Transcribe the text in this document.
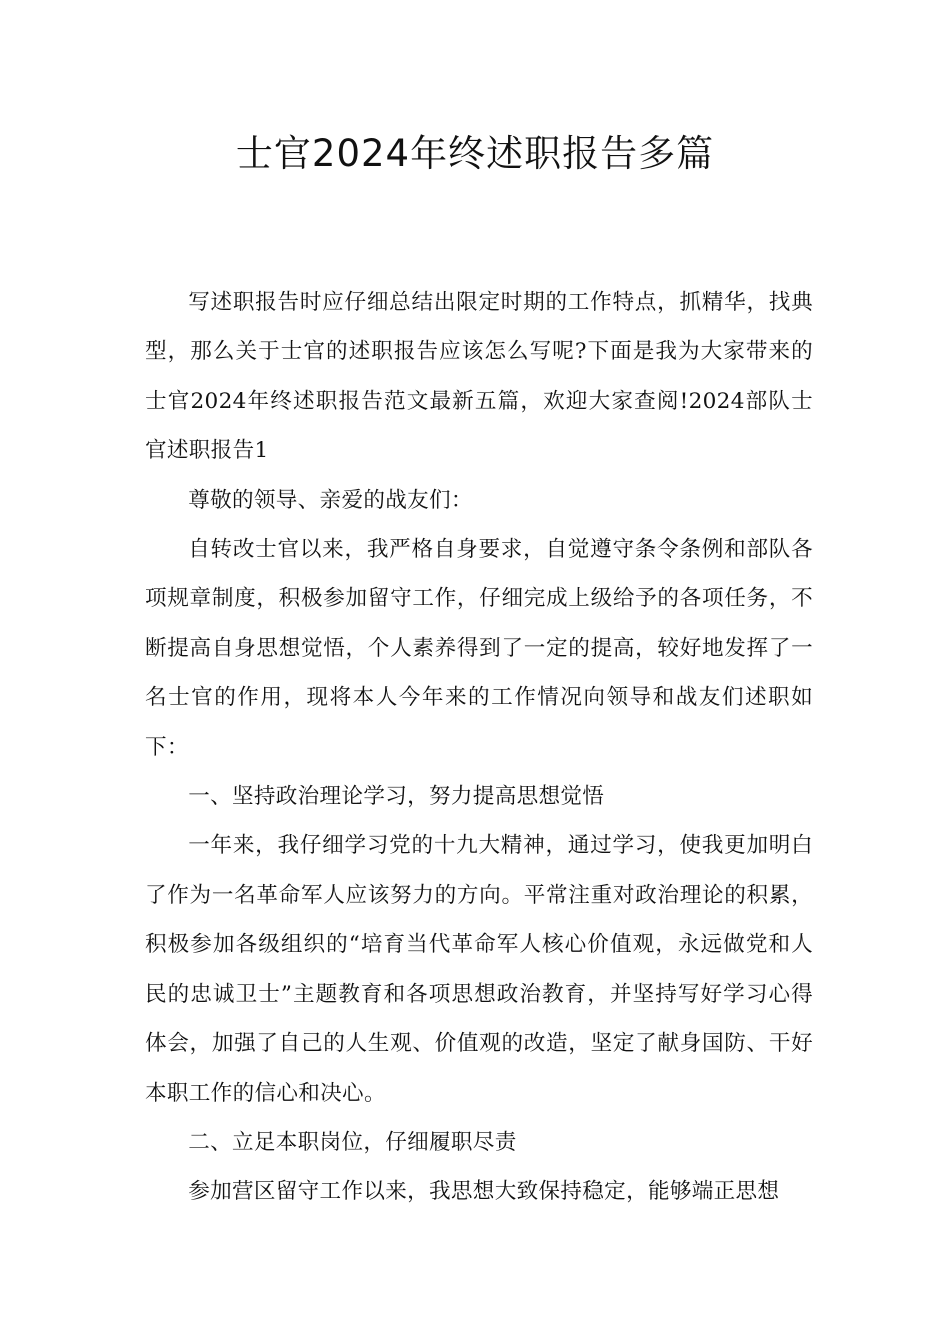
士官2024年终述职报告多篇

写述职报告时应仔细总结出限定时期的工作特点，抓精华，找典型，那么关于士官的述职报告应该怎么写呢?下面是我为大家带来的士官2024年终述职报告范文最新五篇，欢迎大家查阅!2024部队士官述职报告1

尊敬的领导、亲爱的战友们：

自转改士官以来，我严格自身要求，自觉遵守条令条例和部队各项规章制度，积极参加留守工作，仔细完成上级给予的各项任务，不断提高自身思想觉悟，个人素养得到了一定的提高，较好地发挥了一名士官的作用，现将本人今年来的工作情况向领导和战友们述职如下：

一、坚持政治理论学习，努力提高思想觉悟

一年来，我仔细学习党的十九大精神，通过学习，使我更加明白了作为一名革命军人应该努力的方向。平常注重对政治理论的积累，积极参加各级组织的“培育当代革命军人核心价值观，永远做党和人民的忠诚卫士”主题教育和各项思想政治教育，并坚持写好学习心得体会，加强了自己的人生观、价值观的改造，坚定了献身国防、干好本职工作的信心和决心。

二、立足本职岗位，仔细履职尽责

参加营区留守工作以来，我思想大致保持稳定，能够端正思想
